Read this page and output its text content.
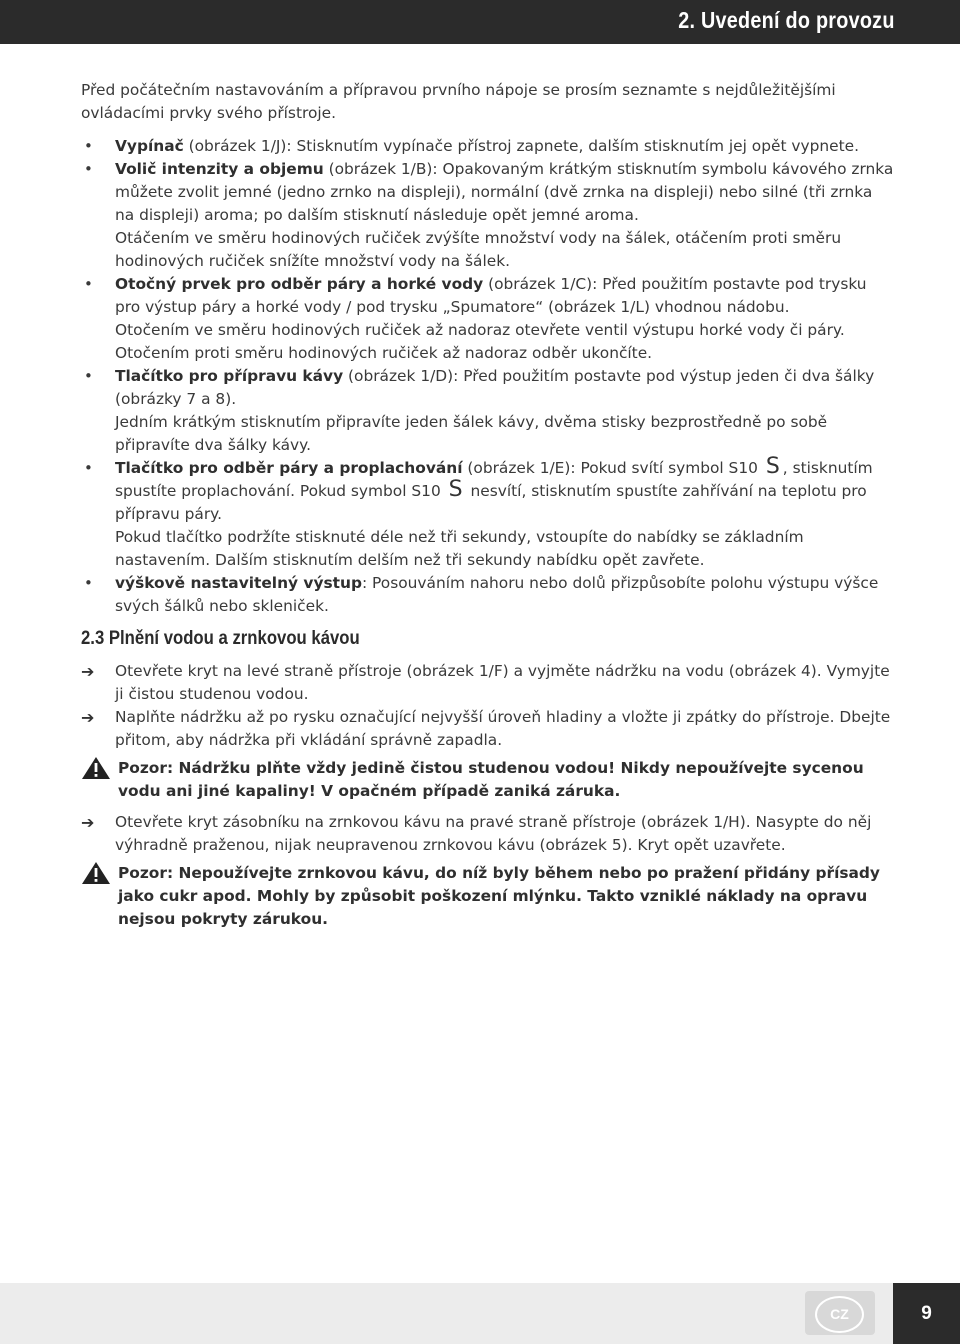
2. Uvedení do provozu

Před počátečním nastavováním a přípravou prvního nápoje se prosím seznamte s nejdůležitějšími ovládacími prvky svého přístroje.

• Vypínač (obrázek 1/J): Stisknutím vypínače přístroj zapnete, dalším stisknutím jej opět vypnete.
• Volič intenzity a objemu (obrázek 1/B): Opakovaným krátkým stisknutím symbolu kávového zrnka můžete zvolit jemné (jedno zrnko na displeji), normální (dvě zrnka na displeji) nebo silné (tři zrnka na displeji) aroma; po dalším stisknutí následuje opět jemné aroma.

Otáčením ve směru hodinových ručiček zvýšíte množství vody na šálek, otáčením proti směru hodinových ručiček snížíte množství vody na šálek.

• Otočný prvek pro odběr páry a horké vody (obrázek 1/C): Před použitím postavte pod trysku pro výstup páry a horké vody / pod trysku „Spumatore“ (obrázek 1/L) vhodnou nádobu.

Otočením ve směru hodinových ručiček až nadoraz otevřete ventil výstupu horké vody či páry.

Otočením proti směru hodinových ručiček až nadoraz odběr ukončíte.

• Tlačítko pro přípravu kávy (obrázek 1/D): Před použitím postavte pod výstup jeden či dva šálky (obrázky 7 a 8).

Jedním krátkým stisknutím připravíte jeden šálek kávy, dvěma stisky bezprostředně po sobě připravíte dva šálky kávy.

• Tlačítko pro odběr páry a proplachování (obrázek 1/E): Pokud svítí symbol S10 S , stisknutím spustíte proplachování. Pokud symbol S10 S nesvítí, stisknutím spustíte zahřívání na teplotu pro přípravu páry.

Pokud tlačítko podržíte stisknuté déle než tři sekundy, vstoupíte do nabídky se základním nastavením. Dalším stisknutím delším než tři sekundy nabídku opět zavřete.

• výškově nastavitelný výstup: Posouváním nahoru nebo dolů přizpůsobíte polohu výstupu výšce svých šálků nebo skleniček.
2.3 Plnění vodou a zrnkovou kávou
➔ Otevřete kryt na levé straně přístroje (obrázek 1/F) a vyjměte nádržku na vodu (obrázek 4). Vymyjte ji čistou studenou vodou.
➔ Naplňte nádržku až po rysku označující nejvyšší úroveň hladiny a vložte ji zpátky do přístroje. Dbejte přitom, aby nádržka při vkládání správně zapadla.
Pozor: Nádržku plňte vždy jedině čistou studenou vodou! Nikdy nepoužívejte sycenou vodu ani jiné kapaliny! V opačném případě zaniká záruka.
➔ Otevřete kryt zásobníku na zrnkovou kávu na pravé straně přístroje (obrázek 1/H). Nasypte do něj výhradně praženou, nijak neupravenou zrnkovou kávu (obrázek 5). Kryt opět uzavřete.
Pozor: Nepoužívejte zrnkovou kávu, do níž byly během nebo po pražení přidány přísady jako cukr apod. Mohly by způsobit poškození mlýnku. Takto vzniklé náklady na opravu nejsou pokryty zárukou.
CZ	9
